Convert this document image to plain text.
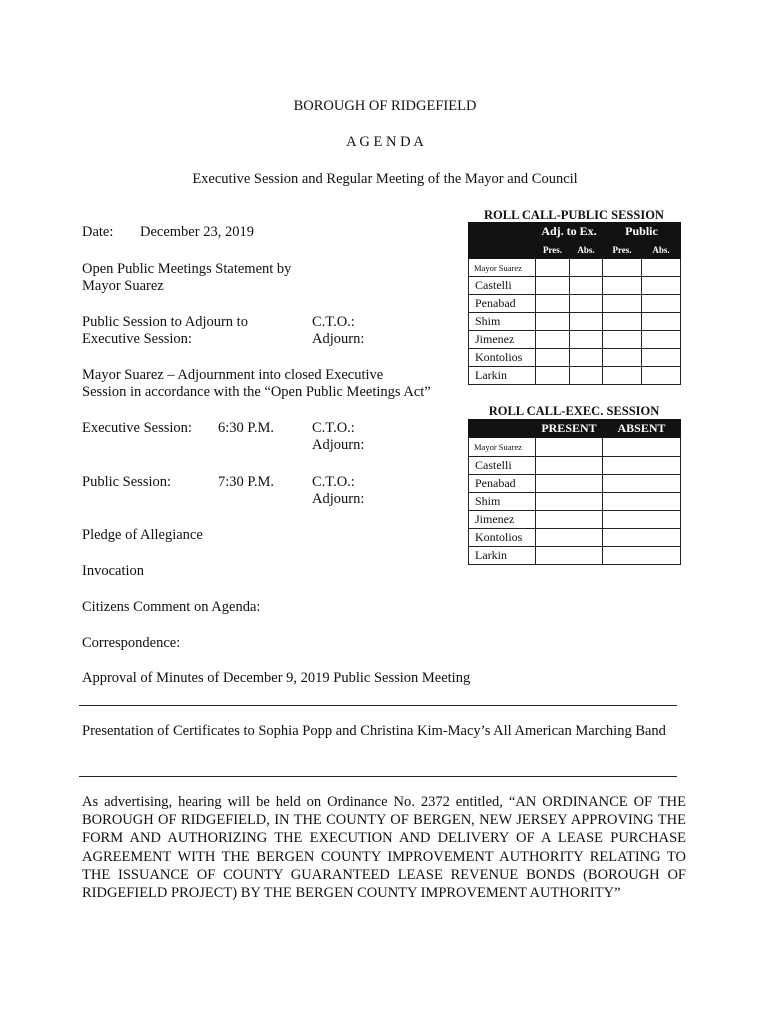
BOROUGH OF RIDGEFIELD
A G E N D A
Executive Session and Regular Meeting of the Mayor and Council
Date: December 23, 2019
Open Public Meetings Statement by
Mayor Suarez
Public Session to Adjourn to
Executive Session:
C.T.O.:
Adjourn:
Mayor Suarez – Adjournment into closed Executive
Session in accordance with the “Open Public Meetings Act”
Executive Session: 6:30 P.M.	C.T.O.:
Adjourn:
Public Session:	7:30 P.M.	C.T.O.:
Adjourn:
Pledge of Allegiance
Invocation
Citizens Comment on Agenda:
Correspondence:
Approval of Minutes of December 9, 2019 Public Session Meeting
Presentation of Certificates to Sophia Popp and Christina Kim-Macy’s All American Marching Band
As advertising, hearing will be held on Ordinance No. 2372 entitled, “AN ORDINANCE OF THE BOROUGH OF RIDGEFIELD, IN THE COUNTY OF BERGEN, NEW JERSEY APPROVING THE FORM AND AUTHORIZING THE EXECUTION AND DELIVERY OF A LEASE PURCHASE AGREEMENT WITH THE BERGEN COUNTY IMPROVEMENT AUTHORITY RELATING TO THE ISSUANCE OF COUNTY GUARANTEED LEASE REVENUE BONDS (BOROUGH OF RIDGEFIELD PROJECT) BY THE BERGEN COUNTY IMPROVEMENT AUTHORITY”
ROLL CALL-PUBLIC SESSION
	Adj. to Ex.		Public	
	Pres.	Abs.	Pres.	Abs.
Mayor Suarez				
Castelli				
Penabad				
Shim				
Jimenez				
Kontolios				
Larkin				
ROLL CALL-EXEC. SESSION
	PRESENT	ABSENT
Mayor Suarez		
Castelli		
Penabad		
Shim		
Jimenez		
Kontolios		
Larkin		
